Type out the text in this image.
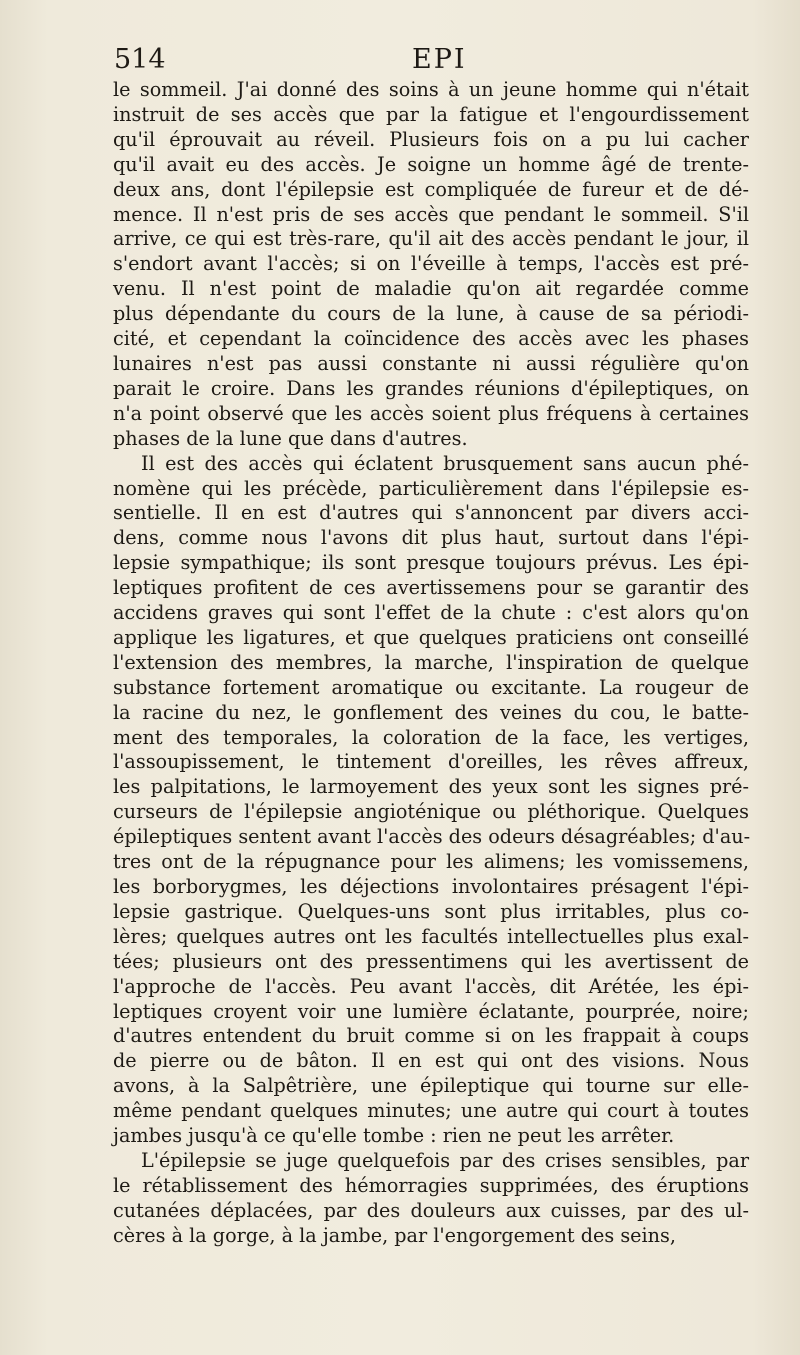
514	EPI
le sommeil. J'ai donné des soins à un jeune homme qui n'était
instruit de ses accès que par la fatigue et l'engourdissement
qu'il éprouvait au réveil. Plusieurs fois on a pu lui cacher
qu'il avait eu des accès. Je soigne un homme âgé de trente-
deux ans, dont l'épilepsie est compliquée de fureur et de dé-
mence. Il n'est pris de ses accès que pendant le sommeil. S'il
arrive, ce qui est très-rare, qu'il ait des accès pendant le jour, il
s'endort avant l'accès; si on l'éveille à temps, l'accès est pré-
venu. Il n'est point de maladie qu'on ait regardée comme
plus dépendante du cours de la lune, à cause de sa périodi-
cité, et cependant la coïncidence des accès avec les phases
lunaires n'est pas aussi constante ni aussi régulière qu'on
parait le croire. Dans les grandes réunions d'épileptiques, on
n'a point observé que les accès soient plus fréquens à certaines
phases de la lune que dans d'autres.
Il est des accès qui éclatent brusquement sans aucun phé-
nomène qui les précède, particulièrement dans l'épilepsie es-
sentielle. Il en est d'autres qui s'annoncent par divers acci-
dens, comme nous l'avons dit plus haut, surtout dans l'épi-
lepsie sympathique; ils sont presque toujours prévus. Les épi-
leptiques profitent de ces avertissemens pour se garantir des
accidens graves qui sont l'effet de la chute : c'est alors qu'on
applique les ligatures, et que quelques praticiens ont conseillé
l'extension des membres, la marche, l'inspiration de quelque
substance fortement aromatique ou excitante. La rougeur de
la racine du nez, le gonflement des veines du cou, le batte-
ment des temporales, la coloration de la face, les vertiges,
l'assoupissement, le tintement d'oreilles, les rêves affreux,
les palpitations, le larmoyement des yeux sont les signes pré-
curseurs de l'épilepsie angioténique ou pléthorique. Quelques
épileptiques sentent avant l'accès des odeurs désagréables; d'au-
tres ont de la répugnance pour les alimens; les vomissemens,
les borborygmes, les déjections involontaires présagent l'épi-
lepsie gastrique. Quelques-uns sont plus irritables, plus co-
lères; quelques autres ont les facultés intellectuelles plus exal-
tées; plusieurs ont des pressentimens qui les avertissent de
l'approche de l'accès. Peu avant l'accès, dit Arétée, les épi-
leptiques croyent voir une lumière éclatante, pourprée, noire;
d'autres entendent du bruit comme si on les frappait à coups
de pierre ou de bâton. Il en est qui ont des visions. Nous
avons, à la Salpêtrière, une épileptique qui tourne sur elle-
même pendant quelques minutes; une autre qui court à toutes
jambes jusqu'à ce qu'elle tombe : rien ne peut les arrêter.
L'épilepsie se juge quelquefois par des crises sensibles, par
le rétablissement des hémorragies supprimées, des éruptions
cutanées déplacées, par des douleurs aux cuisses, par des ul-
cères à la gorge, à la jambe, par l'engorgement des seins,
